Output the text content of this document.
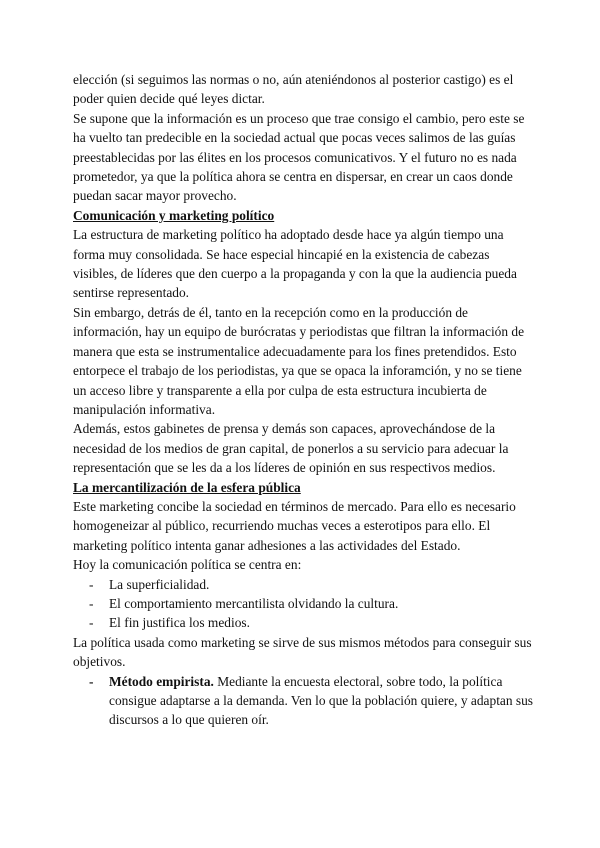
elección (si seguimos las normas o no, aún ateniéndonos al posterior castigo) es el poder quien decide qué leyes dictar.

Se supone que la información es un proceso que trae consigo el cambio, pero este se ha vuelto tan predecible en la sociedad actual que pocas veces salimos de las guías preestablecidas por las élites en los procesos comunicativos. Y el futuro no es nada prometedor, ya que la política ahora se centra en dispersar, en crear un caos donde puedan sacar mayor provecho.

Comunicación y marketing político

La estructura de marketing político ha adoptado desde hace ya algún tiempo una forma muy consolidada. Se hace especial hincapié en la existencia de cabezas visibles, de líderes que den cuerpo a la propaganda y con la que la audiencia pueda sentirse representado.

Sin embargo, detrás de él, tanto en la recepción como en la producción de información, hay un equipo de burócratas y periodistas que filtran la información de manera que esta se instrumentalice adecuadamente para los fines pretendidos. Esto entorpece el trabajo de los periodistas, ya que se opaca la inforamción, y no se tiene un acceso libre y transparente a ella por culpa de esta estructura incubierta de manipulación informativa.

Además, estos gabinetes de prensa y demás son capaces, aprovechándose de la necesidad de los medios de gran capital, de ponerlos a su servicio para adecuar la representación que se les da a los líderes de opinión en sus respectivos medios.

La mercantilización de la esfera pública

Este marketing concibe la sociedad en términos de mercado. Para ello es necesario homogeneizar al público, recurriendo muchas veces a esterotipos para ello. El marketing político intenta ganar adhesiones a las actividades del Estado.

Hoy la comunicación política se centra en:

- La superficialidad.
- El comportamiento mercantilista olvidando la cultura.
- El fin justifica los medios.

La política usada como marketing se sirve de sus mismos métodos para conseguir sus objetivos.

- Método empirista. Mediante la encuesta electoral, sobre todo, la política consigue adaptarse a la demanda. Ven lo que la población quiere, y adaptan sus discursos a lo que quieren oír.
